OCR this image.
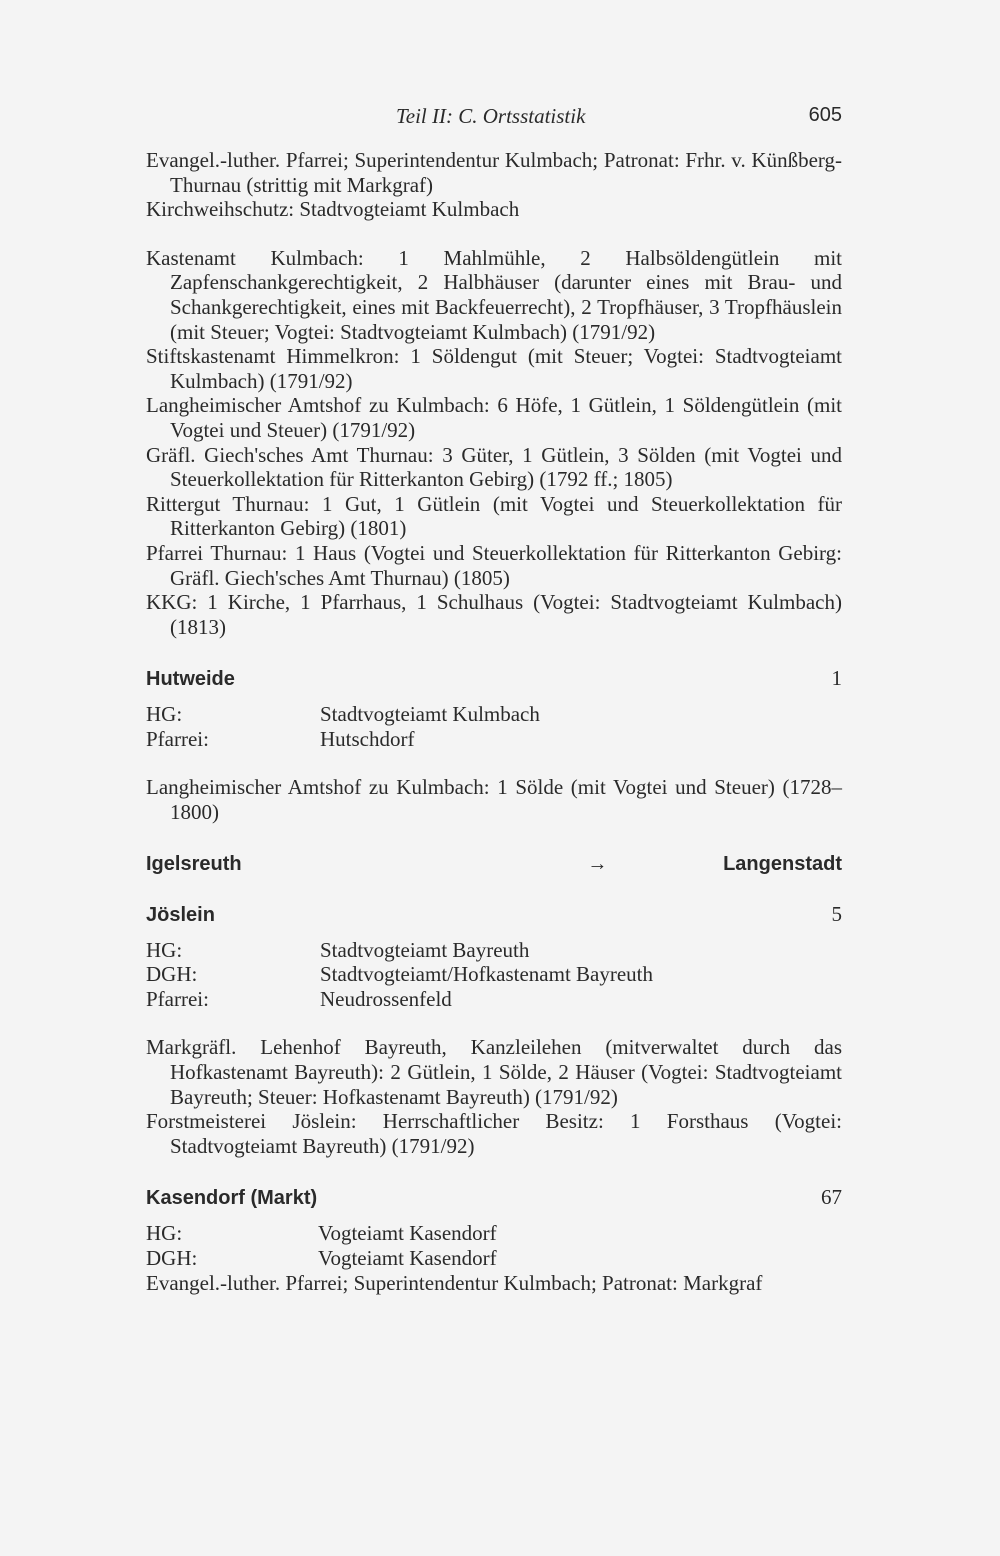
Teil II: C. Ortsstatistik	605

Evangel.-luther. Pfarrei; Superintendentur Kulmbach; Patronat: Frhr. v. Künßberg-Thurnau (strittig mit Markgraf)

Kirchweihschutz: Stadtvogteiamt Kulmbach

Kastenamt Kulmbach: 1 Mahlmühle, 2 Halbsöldengütlein mit Zapfenschankgerechtigkeit, 2 Halbhäuser (darunter eines mit Brau- und Schankgerechtigkeit, eines mit Backfeuerrecht), 2 Tropfhäuser, 3 Tropfhäuslein (mit Steuer; Vogtei: Stadtvogteiamt Kulmbach) (1791/92)

Stiftskastenamt Himmelkron: 1 Söldengut (mit Steuer; Vogtei: Stadtvogteiamt Kulmbach) (1791/92)

Langheimischer Amtshof zu Kulmbach: 6 Höfe, 1 Gütlein, 1 Söldengütlein (mit Vogtei und Steuer) (1791/92)

Gräfl. Giech'sches Amt Thurnau: 3 Güter, 1 Gütlein, 3 Sölden (mit Vogtei und Steuerkollektation für Ritterkanton Gebirg) (1792 ff.; 1805)

Rittergut Thurnau: 1 Gut, 1 Gütlein (mit Vogtei und Steuerkollektation für Ritterkanton Gebirg) (1801)

Pfarrei Thurnau: 1 Haus (Vogtei und Steuerkollektation für Ritterkanton Gebirg: Gräfl. Giech'sches Amt Thurnau) (1805)

KKG: 1 Kirche, 1 Pfarrhaus, 1 Schulhaus (Vogtei: Stadtvogteiamt Kulmbach) (1813)

Hutweide	1
HG:	Stadtvogteiamt Kulmbach
Pfarrei:	Hutschdorf

Langheimischer Amtshof zu Kulmbach: 1 Sölde (mit Vogtei und Steuer) (1728–1800)

Igelsreuth	→	Langenstadt
Jöslein	5
HG:	Stadtvogteiamt Bayreuth
DGH:	Stadtvogteiamt/Hofkastenamt Bayreuth
Pfarrei:	Neudrossenfeld

Markgräfl. Lehenhof Bayreuth, Kanzleilehen (mitverwaltet durch das Hofkastenamt Bayreuth): 2 Gütlein, 1 Sölde, 2 Häuser (Vogtei: Stadtvogteiamt Bayreuth; Steuer: Hofkastenamt Bayreuth) (1791/92)

Forstmeisterei Jöslein: Herrschaftlicher Besitz: 1 Forsthaus (Vogtei: Stadtvogteiamt Bayreuth) (1791/92)

Kasendorf (Markt)	67
HG:	Vogteiamt Kasendorf
DGH:	Vogteiamt Kasendorf

Evangel.-luther. Pfarrei; Superintendentur Kulmbach; Patronat: Markgraf
